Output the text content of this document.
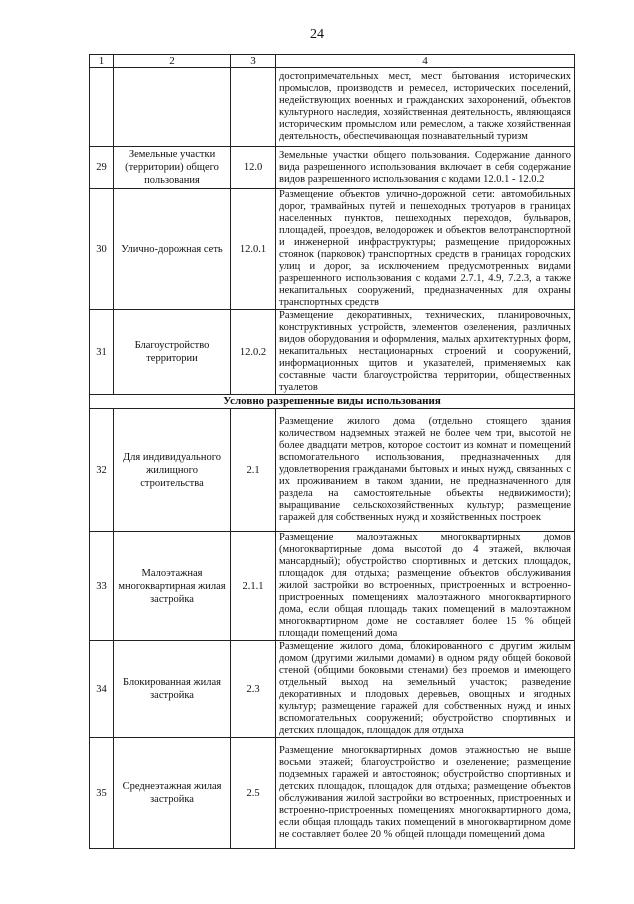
24
1	2	3	4
			достопримечательных мест, мест бытования исторических промыслов, производств и ремесел, исторических поселений, недействующих военных и гражданских захоронений, объектов культурного наследия, хозяйственная деятельность, являющаяся историческим промыслом или ремеслом, а также хозяйственная деятельность, обеспечивающая познавательный туризм
29	Земельные участки (территории) общего пользования	12.0	Земельные участки общего пользования. Содержание данного вида разрешенного использования включает в себя содержание видов разрешенного использования с кодами 12.0.1 - 12.0.2
30	Улично-дорожная сеть	12.0.1	Размещение объектов улично-дорожной сети: автомобильных дорог, трамвайных путей и пешеходных тротуаров в границах населенных пунктов, пешеходных переходов, бульваров, площадей, проездов, велодорожек и объектов велотранспортной и инженерной инфраструктуры; размещение придорожных стоянок (парковок) транспортных средств в границах городских улиц и дорог, за исключением предусмотренных видами разрешенного использования с кодами 2.7.1, 4.9, 7.2.3, а также некапитальных сооружений, предназначенных для охраны транспортных средств
31	Благоустройство территории	12.0.2	Размещение декоративных, технических, планировочных, конструктивных устройств, элементов озеленения, различных видов оборудования и оформления, малых архитектурных форм, некапитальных нестационарных строений и сооружений, информационных щитов и указателей, применяемых как составные части благоустройства территории, общественных туалетов
Условно разрешенные виды использования			
32	Для индивидуального жилищного строительства	2.1	Размещение жилого дома (отдельно стоящего здания количеством надземных этажей не более чем три, высотой не более двадцати метров, которое состоит из комнат и помещений вспомогательного использования, предназначенных для удовлетворения гражданами бытовых и иных нужд, связанных с их проживанием в таком здании, не предназначенного для раздела на самостоятельные объекты недвижимости); выращивание сельскохозяйственных культур; размещение гаражей для собственных нужд и хозяйственных построек
33	Малоэтажная многоквартирная жилая застройка	2.1.1	Размещение малоэтажных многоквартирных домов (многоквартирные дома высотой до 4 этажей, включая мансардный); обустройство спортивных и детских площадок, площадок для отдыха; размещение объектов обслуживания жилой застройки во встроенных, пристроенных и встроенно-пристроенных помещениях малоэтажного многоквартирного дома, если общая площадь таких помещений в малоэтажном многоквартирном доме не составляет более 15 % общей площади помещений дома
34	Блокированная жилая застройка	2.3	Размещение жилого дома, блокированного с другим жилым домом (другими жилыми домами) в одном ряду общей боковой стеной (общими боковыми стенами) без проемов и имеющего отдельный выход на земельный участок; разведение декоративных и плодовых деревьев, овощных и ягодных культур; размещение гаражей для собственных нужд и иных вспомогательных сооружений; обустройство спортивных и детских площадок, площадок для отдыха
35	Среднеэтажная жилая застройка	2.5	Размещение многоквартирных домов этажностью не выше восьми этажей; благоустройство и озеленение; размещение подземных гаражей и автостоянок; обустройство спортивных и детских площадок, площадок для отдыха; размещение объектов обслуживания жилой застройки во встроенных, пристроенных и встроенно-пристроенных помещениях многоквартирного дома, если общая площадь таких помещений в многоквартирном доме не составляет более 20 % общей площади помещений дома
